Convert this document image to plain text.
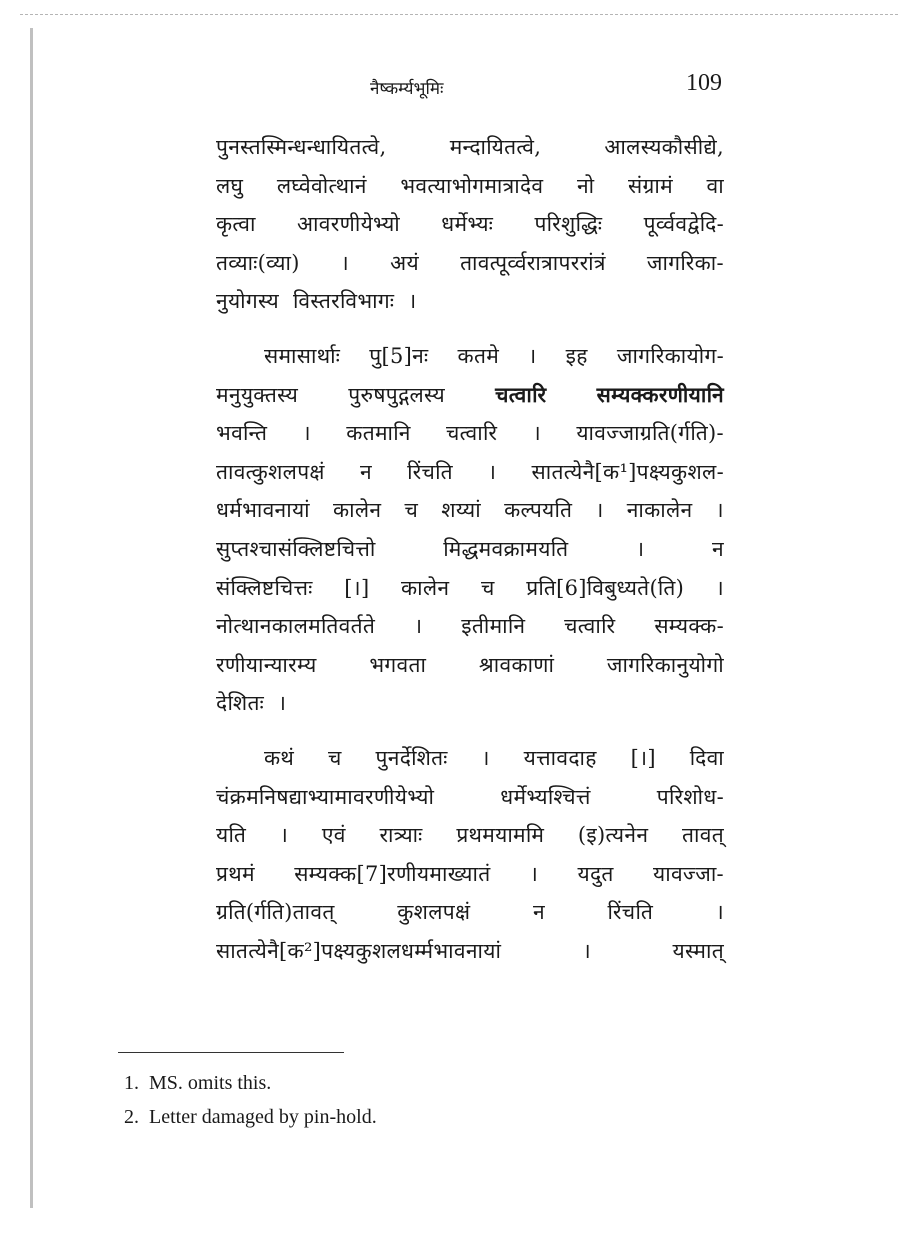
नैष्कर्म्यभूमिः	109
पुनस्तस्मिन्धन्धायितत्वे,	मन्दायितत्वे,	आलस्यकौसीद्ये,
लघु लघ्वेवोत्थानं भवत्याभोगमात्रादेव नो संग्रामं वा
कृत्वा आवरणीयेभ्यो धर्मेभ्यः परिशुद्धिः पूर्व्ववद्वेदि-
तव्याः(व्या) । अयं तावत्पूर्व्वरात्रापररांत्रं जागरिका-
नुयोगस्य विस्तरविभागः ।
समासार्थाः पु[5]नः कतमे । इह जागरिकायोग-
मनुयुक्तस्य पुरुषपुद्गलस्य चत्वारि सम्यक्करणीयानि
भवन्ति । कतमानि चत्वारि । यावज्जाग्रति(र्गति)-
तावत्कुशलपक्षं न रिंचति । सातत्येनै[क¹]पक्ष्यकुशल-
धर्मभावनायां कालेन च शय्यां कल्पयति । नाकालेन ।
सुप्तश्चासंक्लिष्टचित्तो	मिद्धमवक्रामयति	।	न
संक्लिष्टचित्तः [।] कालेन च प्रति[6]विबुध्यते(ति) ।
नोत्थानकालमतिवर्तते । इतीमानि चत्वारि सम्यक्क-
रणीयान्यारम्य	भगवता	श्रावकाणां	जागरिकानुयोगो
देशितः ।
कथं च पुनर्देशितः । यत्तावदाह [।] दिवा
चंक्रमनिषद्याभ्यामावरणीयेभ्यो	धर्मेभ्यश्चित्तं	परिशोध-
यति । एवं रात्र्याः प्रथमयाममि (इ)त्यनेन तावत्
प्रथमं सम्यक्क[7]रणीयमाख्यातं । यदुत यावज्जा-
ग्रति(र्गति)तावत्	कुशलपक्षं	न	रिंचति	।
सातत्येनै[क²]पक्ष्यकुशलधर्म्मभावनायां	।	यस्मात्
1. MS. omits this.
2. Letter damaged by pin-hold.
